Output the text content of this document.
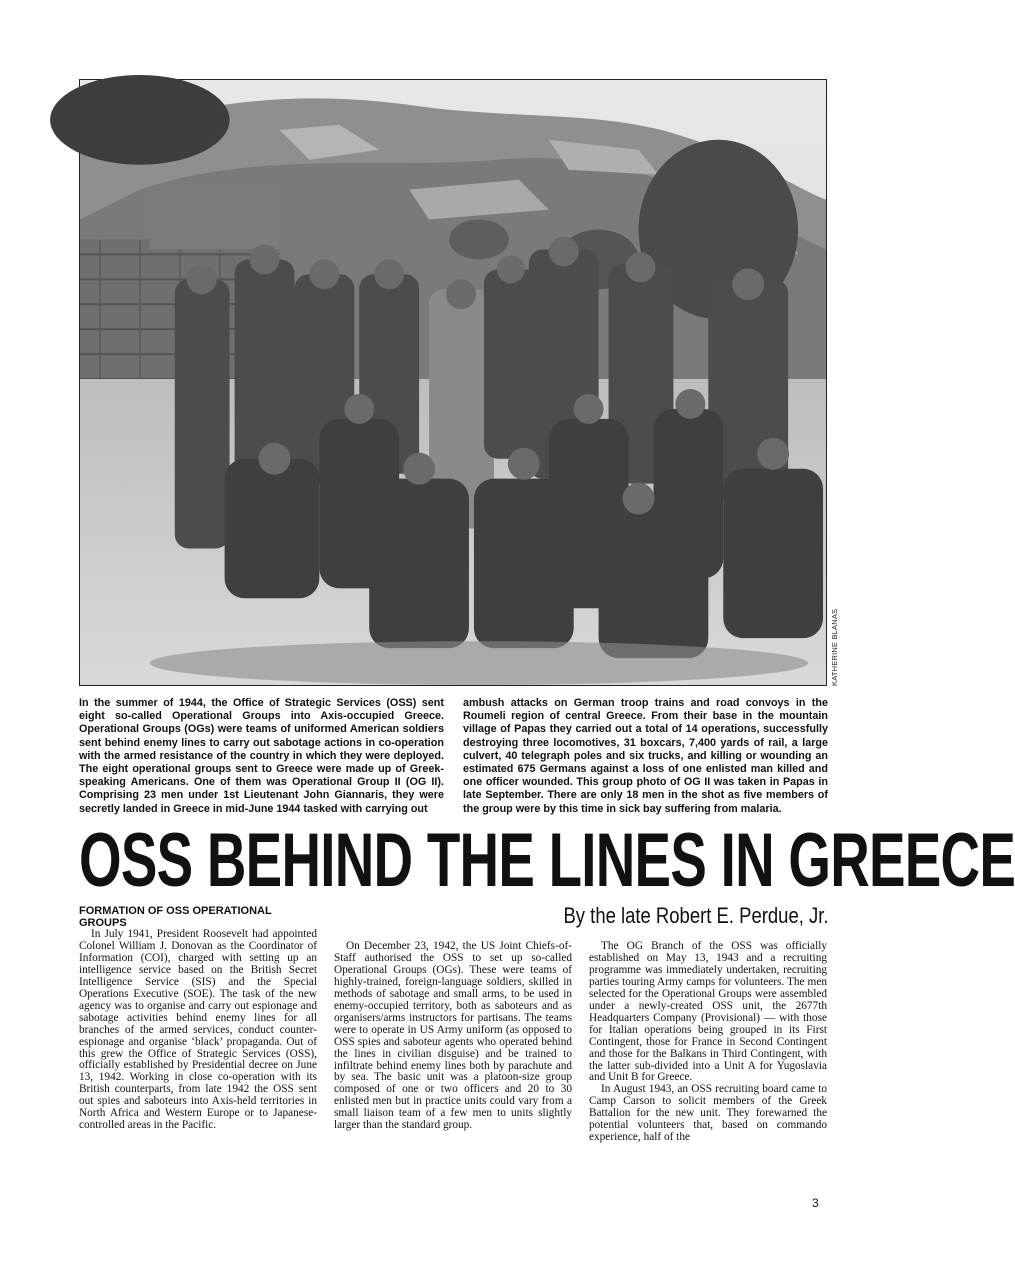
KATHERINE BLANAS

In the summer of 1944, the Office of Strategic Services (OSS) sent eight so-called Operational Groups into Axis-occupied Greece. Operational Groups (OGs) were teams of uniformed American soldiers sent behind enemy lines to carry out sabotage actions in co-operation with the armed resistance of the country in which they were deployed. The eight operational groups sent to Greece were made up of Greek-speaking Americans. One of them was Operational Group II (OG II). Comprising 23 men under 1st Lieutenant John Giannaris, they were secretly landed in Greece in mid-June 1944 tasked with carrying out

ambush attacks on German troop trains and road convoys in the Roumeli region of central Greece. From their base in the mountain village of Papas they carried out a total of 14 operations, successfully destroying three locomotives, 31 boxcars, 7,400 yards of rail, a large culvert, 40 telegraph poles and six trucks, and killing or wounding an estimated 675 Germans against a loss of one enlisted man killed and one officer wounded. This group photo of OG II was taken in Papas in late September. There are only 18 men in the shot as five members of the group were by this time in sick bay suffering from malaria.

OSS BEHIND THE LINES IN GREECE

By the late Robert E. Perdue, Jr.

FORMATION OF OSS OPERATIONAL GROUPS

In July 1941, President Roosevelt had appointed Colonel William J. Donovan as the Coordinator of Information (COI), charged with setting up an intelligence service based on the British Secret Intelligence Service (SIS) and the Special Operations Executive (SOE). The task of the new agency was to organise and carry out espionage and sabotage activities behind enemy lines for all branches of the armed services, conduct counter-espionage and organise ‘black’ propaganda. Out of this grew the Office of Strategic Services (OSS), officially established by Presidential decree on June 13, 1942. Working in close co-operation with its British counterparts, from late 1942 the OSS sent out spies and saboteurs into Axis-held territories in North Africa and Western Europe or to Japanese-controlled areas in the Pacific.

On December 23, 1942, the US Joint Chiefs-of-Staff authorised the OSS to set up so-called Operational Groups (OGs). These were teams of highly-trained, foreign-language soldiers, skilled in methods of sabotage and small arms, to be used in enemy-occupied territory, both as saboteurs and as organisers/arms instructors for partisans. The teams were to operate in US Army uniform (as opposed to OSS spies and saboteur agents who operated behind the lines in civilian disguise) and be trained to infiltrate behind enemy lines both by parachute and by sea. The basic unit was a platoon-size group composed of one or two officers and 20 to 30 enlisted men but in practice units could vary from a small liaison team of a few men to units slightly larger than the standard group.

The OG Branch of the OSS was officially established on May 13, 1943 and a recruiting programme was immediately undertaken, recruiting parties touring Army camps for volunteers. The men selected for the Operational Groups were assembled under a newly-created OSS unit, the 2677th Headquarters Company (Provisional) — with those for Italian operations being grouped in its First Contingent, those for France in Second Contingent and those for the Balkans in Third Contingent, with the latter sub-divided into a Unit A for Yugoslavia and Unit B for Greece.

In August 1943, an OSS recruiting board came to Camp Carson to solicit members of the Greek Battalion for the new unit. They forewarned the potential volunteers that, based on commando experience, half of the

3
